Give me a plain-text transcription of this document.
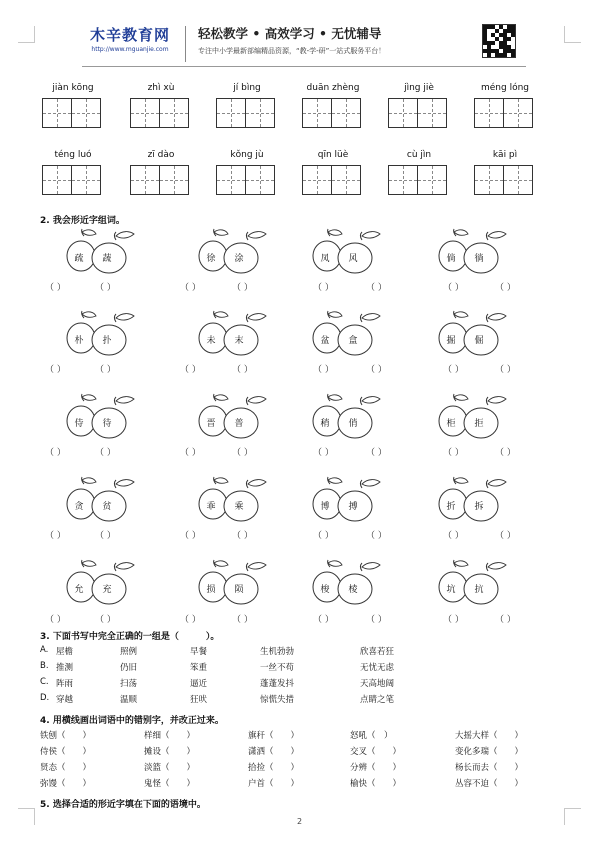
木辛教育网
http://www.mguanjie.com
轻松教学 • 高效学习 • 无忧辅导
专注中小学最新部编精品资源，“教-学-研”一站式服务平台！
jiàn kōng	zhì xù	jí bìng	duān zhèng	jìng jiè	méng lóng
téng luó	zī dào	kǒng jù	qīn lüè	cù jìn	kāi pì
2. 我会形近字组词。
疏	蔬
（ ）	（ ）
徐	涂
（ ）	（ ）
凤	风
（ ）	（ ）
倘	徜
（ ）	（ ）
朴	扑
（ ）	（ ）
未	末
（ ）	（ ）
盆	盒
（ ）	（ ）
掘	倔
（ ）	（ ）
侍	待
（ ）	（ ）
晋	普
（ ）	（ ）
稍	俏
（ ）	（ ）
柜	拒
（ ）	（ ）
贪	贫
（ ）	（ ）
乖	乘
（ ）	（ ）
博	搏
（ ）	（ ）
折	拆
（ ）	（ ）
允	充
（ ）	（ ）
损	陨
（ ）	（ ）
梭	棱
（ ）	（ ）
坑	抗
（ ）	（ ）
3. 下面书写中完全正确的一组是（　　　）。
A. 屋檐	照例	早餐	生机勃勃	欣喜若狂
B. 推测	仍旧	笨重	一丝不苟	无忧无虑
C. 阵雨	扫荡	逼近	蓬蓬发抖	天高地阔
D. 穿越	温顺	狂吠	惊慌失措	点睛之笔
4. 用横线画出词语中的错别字，并改正过来。
铁刨（　　）	样细（　　）	旗秆（　　）	怒吼（　）	大摇大样（　　）
侍侯（　　）	摊设（　　）	潇洒（　　）	交叉（　　）	变化多瑞（　　）
贤态（　　）	淡篮（　　）	拾捡（　　）	分辨（　　）	杨长而去（　　）
弥馒（　　）	鬼怪（　　）	户首（　　）	榆快（　　）	丛容不迫（　　）
5. 选择合适的形近字填在下面的语境中。
2
